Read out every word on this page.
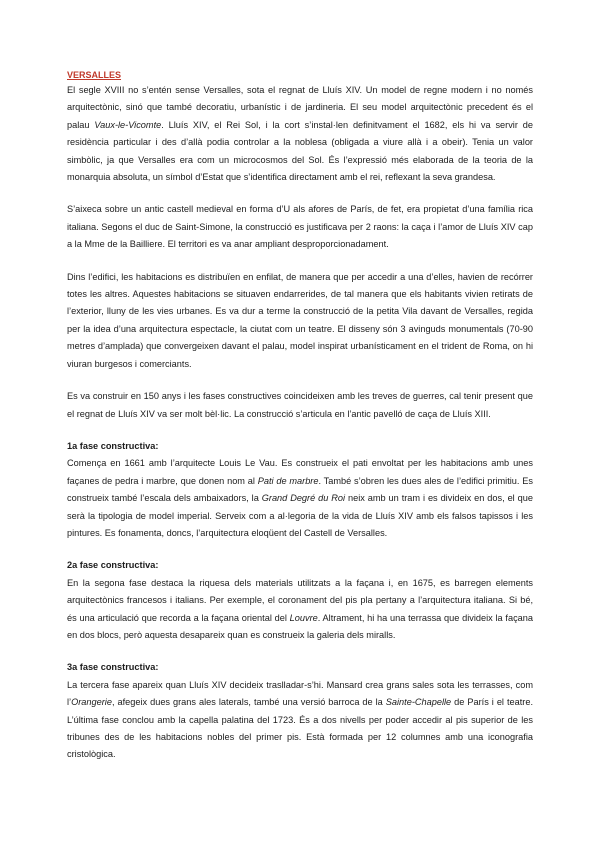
VERSALLES

El segle XVIII no s’entén sense Versalles, sota el regnat de Lluís XIV. Un model de regne modern i no només arquitectònic, sinó que també decoratiu, urbanístic i de jardineria. El seu model arquitectònic precedent és el palau Vaux-le-Vicomte. Lluís XIV, el Rei Sol, i la cort s’instal·len definitvament el 1682, els hi va servir de residència particular i des d’allà podia controlar a la noblesa (obligada a viure allà i a obeir). Tenia un valor simbòlic, ja que Versalles era com un microcosmos del Sol. És l’expressió més elaborada de la teoria de la monarquia absoluta, un símbol d’Estat que s’identifica directament amb el rei, reflexant la seva grandesa.

S’aixeca sobre un antic castell medieval en forma d’U als afores de París, de fet, era propietat d’una família rica italiana. Segons el duc de Saint-Simone, la construcció es justificava per 2 raons: la caça i l’amor de Lluís XIV cap a la Mme de la Bailliere. El territori es va anar ampliant desproporcionadament.

Dins l’edifici, les habitacions es distribuïen en enfilat, de manera que per accedir a una d’elles, havien de recórrer totes les altres. Aquestes habitacions se situaven endarrerides, de tal manera que els habitants vivien retirats de l’exterior, lluny de les vies urbanes. Es va dur a terme la construcció de la petita Vila davant de Versalles, regida per la idea d’una arquitectura espectacle, la ciutat com un teatre. El disseny són 3 avinguds monumentals (70-90 metres d’amplada) que convergeixen davant el palau, model inspirat urbanísticament en el trident de Roma, on hi viuran burgesos i comerciants.

Es va construir en 150 anys i les fases constructives coincideixen amb les treves de guerres, cal tenir present que el regnat de Lluís XIV va ser molt bèl·lic. La construcció s’articula en l’antic pavelló de caça de Lluís XIII.

1a fase constructiva:

Comença en 1661 amb l’arquitecte Louis Le Vau. Es construeix el pati envoltat per les habitacions amb unes façanes de pedra i marbre, que donen nom al Pati de marbre. També s’obren les dues ales de l’edifici primitiu. Es construeix també l’escala dels ambaixadors, la Grand Degré du Roi neix amb un tram i es divideix en dos, el que serà la tipologia de model imperial. Serveix com a al·legoria de la vida de Lluís XIV amb els falsos tapissos i les pintures. Es fonamenta, doncs, l’arquitectura eloqüent del Castell de Versalles.

2a fase constructiva:

En la segona fase destaca la riquesa dels materials utilitzats a la façana i, en 1675, es barregen elements arquitectònics francesos i italians. Per exemple, el coronament del pis pla pertany a l’arquitectura italiana. Si bé, és una articulació que recorda a la façana oriental del Louvre. Altrament, hi ha una terrassa que divideix la façana en dos blocs, però aquesta desapareix quan es construeix la galeria dels miralls.

3a fase constructiva:

La tercera fase apareix quan Lluís XIV decideix traslladar-s’hi. Mansard crea grans sales sota les terrasses, com l’Orangerie, afegeix dues grans ales laterals, també una versió barroca de la Sainte-Chapelle de París i el teatre. L’última fase conclou amb la capella palatina del 1723. És a dos nivells per poder accedir al pis superior de les tribunes des de les habitacions nobles del primer pis. Està formada per 12 columnes amb una iconografia cristològica.
